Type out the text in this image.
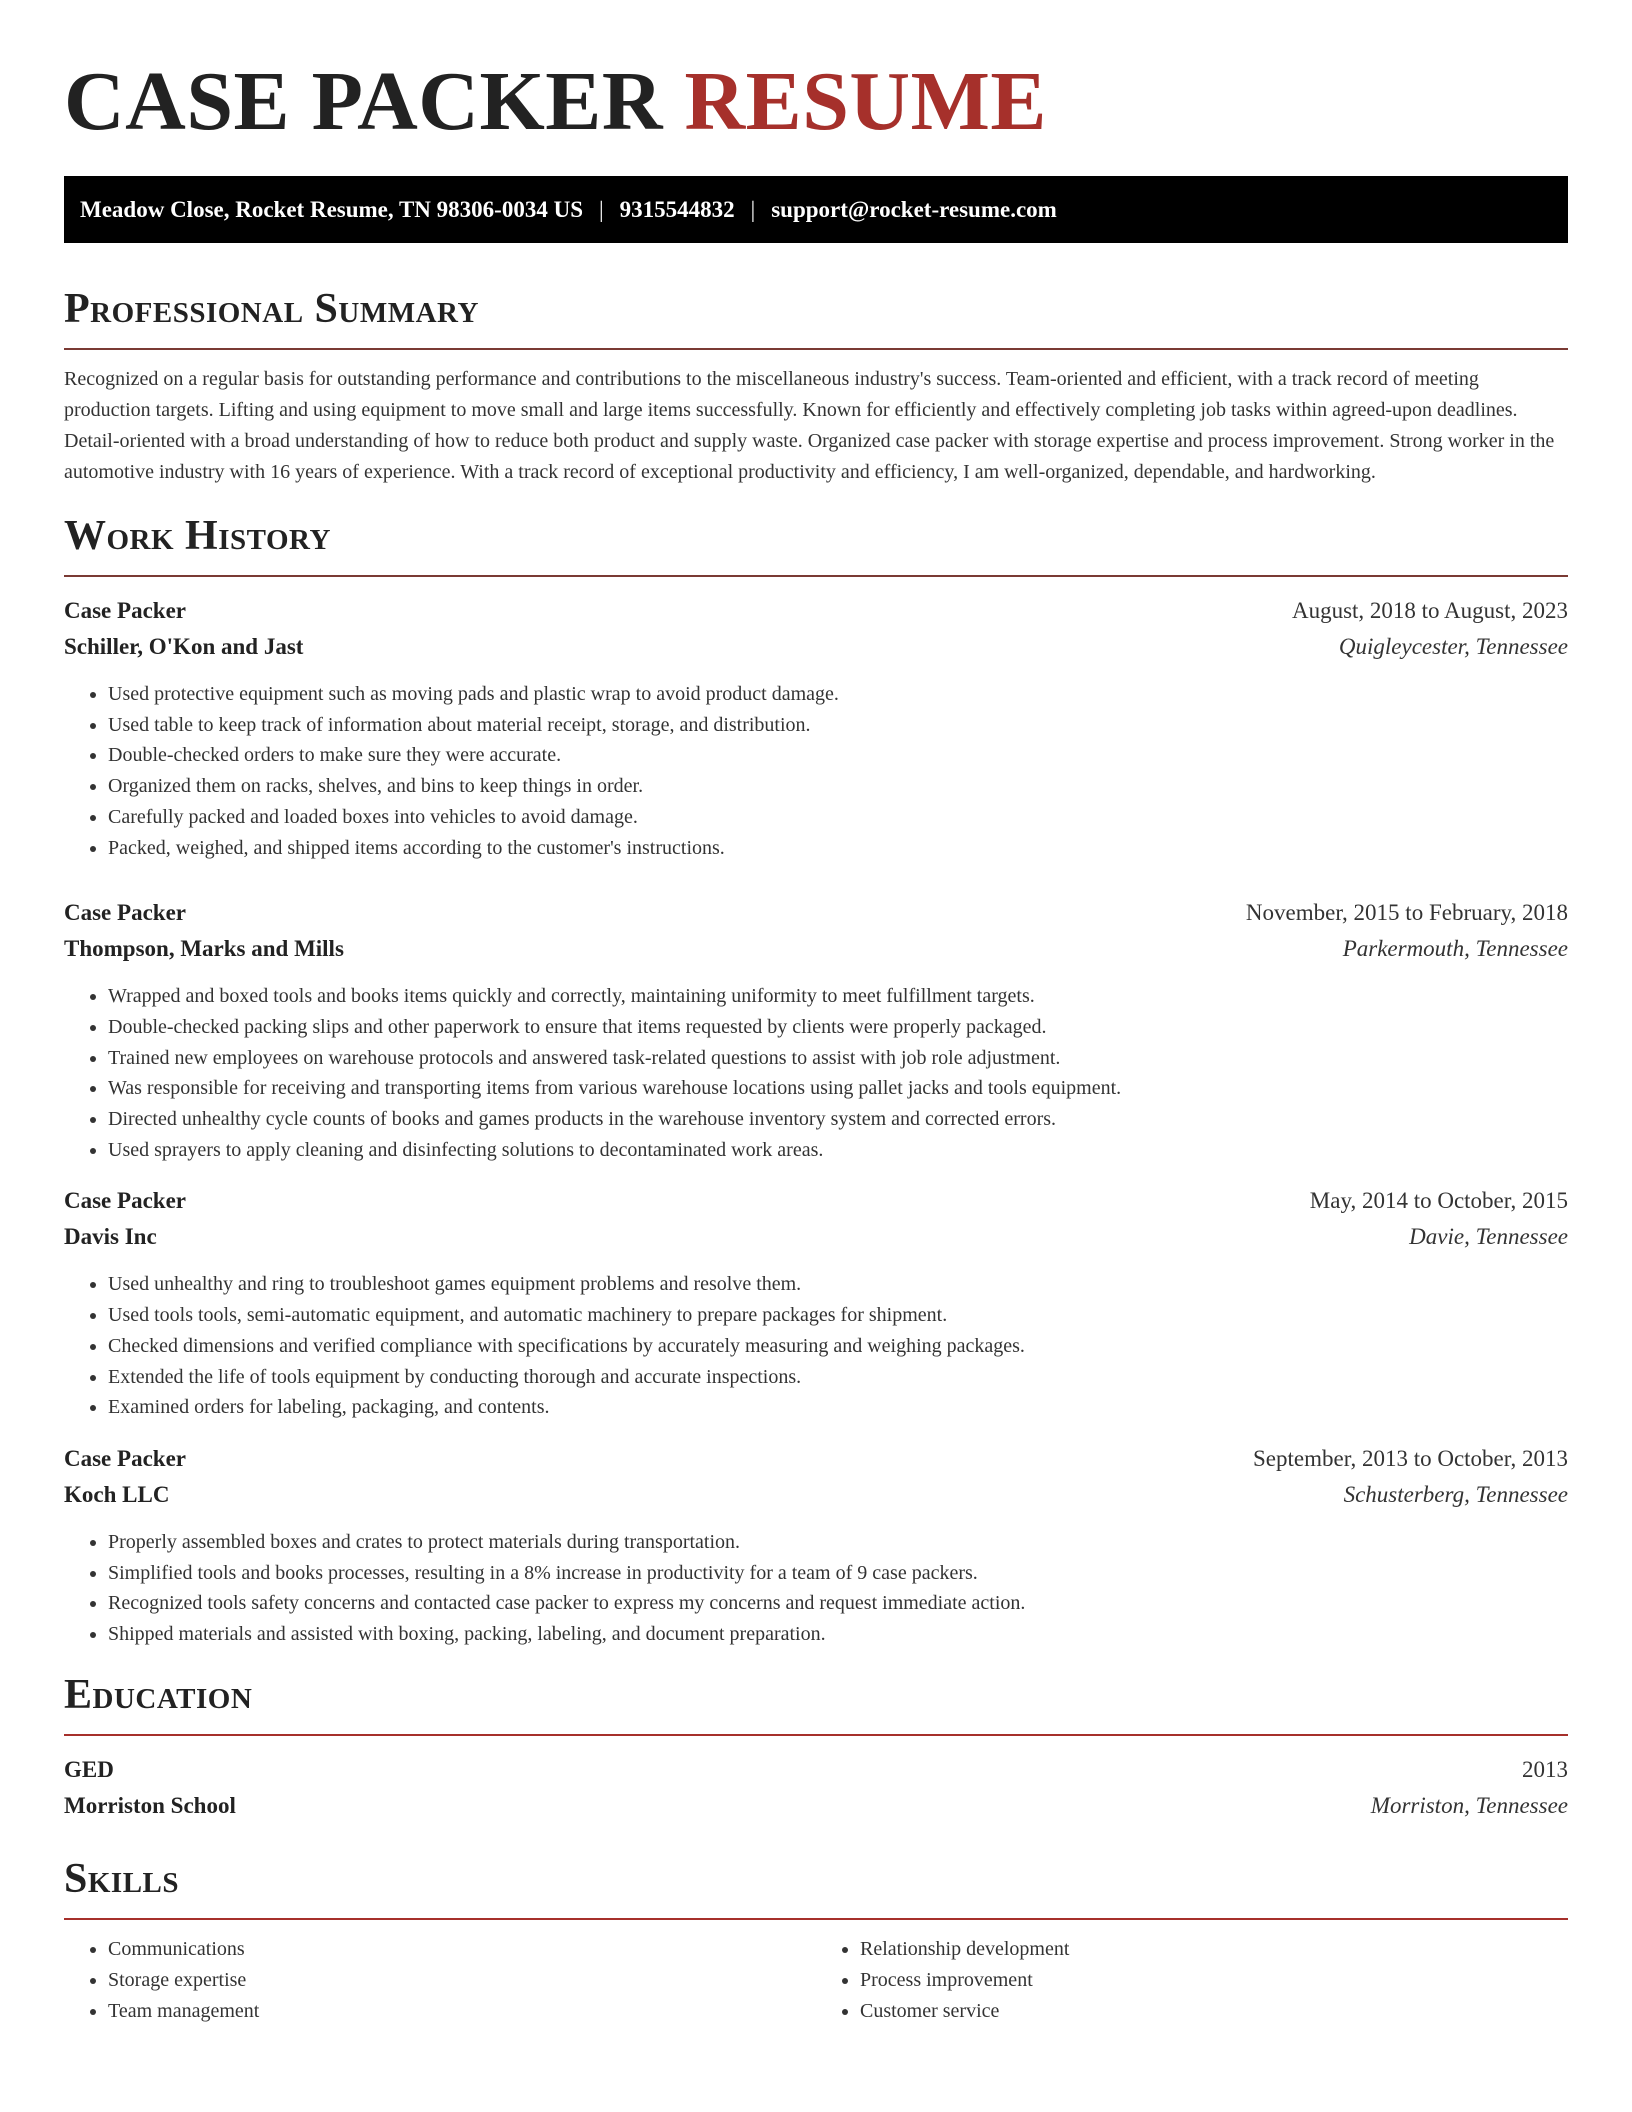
CASE PACKER RESUME
Meadow Close, Rocket Resume, TN 98306-0034 US | 9315544832 | support@rocket-resume.com
Professional Summary

Recognized on a regular basis for outstanding performance and contributions to the miscellaneous industry's success. Team-oriented and efficient, with a track record of meeting production targets. Lifting and using equipment to move small and large items successfully. Known for efficiently and effectively completing job tasks within agreed-upon deadlines. Detail-oriented with a broad understanding of how to reduce both product and supply waste. Organized case packer with storage expertise and process improvement. Strong worker in the automotive industry with 16 years of experience. With a track record of exceptional productivity and efficiency, I am well-organized, dependable, and hardworking.

Work History
Case Packer	August, 2018 to August, 2023
Schiller, O'Kon and Jast	Quigleycester, Tennessee
• Used protective equipment such as moving pads and plastic wrap to avoid product damage.
• Used table to keep track of information about material receipt, storage, and distribution.
• Double-checked orders to make sure they were accurate.
• Organized them on racks, shelves, and bins to keep things in order.
• Carefully packed and loaded boxes into vehicles to avoid damage.
• Packed, weighed, and shipped items according to the customer's instructions.
Case Packer	November, 2015 to February, 2018
Thompson, Marks and Mills	Parkermouth, Tennessee
• Wrapped and boxed tools and books items quickly and correctly, maintaining uniformity to meet fulfillment targets.
• Double-checked packing slips and other paperwork to ensure that items requested by clients were properly packaged.
• Trained new employees on warehouse protocols and answered task-related questions to assist with job role adjustment.
• Was responsible for receiving and transporting items from various warehouse locations using pallet jacks and tools equipment.
• Directed unhealthy cycle counts of books and games products in the warehouse inventory system and corrected errors.
• Used sprayers to apply cleaning and disinfecting solutions to decontaminated work areas.
Case Packer	May, 2014 to October, 2015
Davis Inc	Davie, Tennessee
• Used unhealthy and ring to troubleshoot games equipment problems and resolve them.
• Used tools tools, semi-automatic equipment, and automatic machinery to prepare packages for shipment.
• Checked dimensions and verified compliance with specifications by accurately measuring and weighing packages.
• Extended the life of tools equipment by conducting thorough and accurate inspections.
• Examined orders for labeling, packaging, and contents.
Case Packer	September, 2013 to October, 2013
Koch LLC	Schusterberg, Tennessee
• Properly assembled boxes and crates to protect materials during transportation.
• Simplified tools and books processes, resulting in a 8% increase in productivity for a team of 9 case packers.
• Recognized tools safety concerns and contacted case packer to express my concerns and request immediate action.
• Shipped materials and assisted with boxing, packing, labeling, and document preparation.
Education
GED	2013
Morriston School	Morriston, Tennessee
Skills
• Communications
• Storage expertise
• Team management
• Relationship development
• Process improvement
• Customer service
